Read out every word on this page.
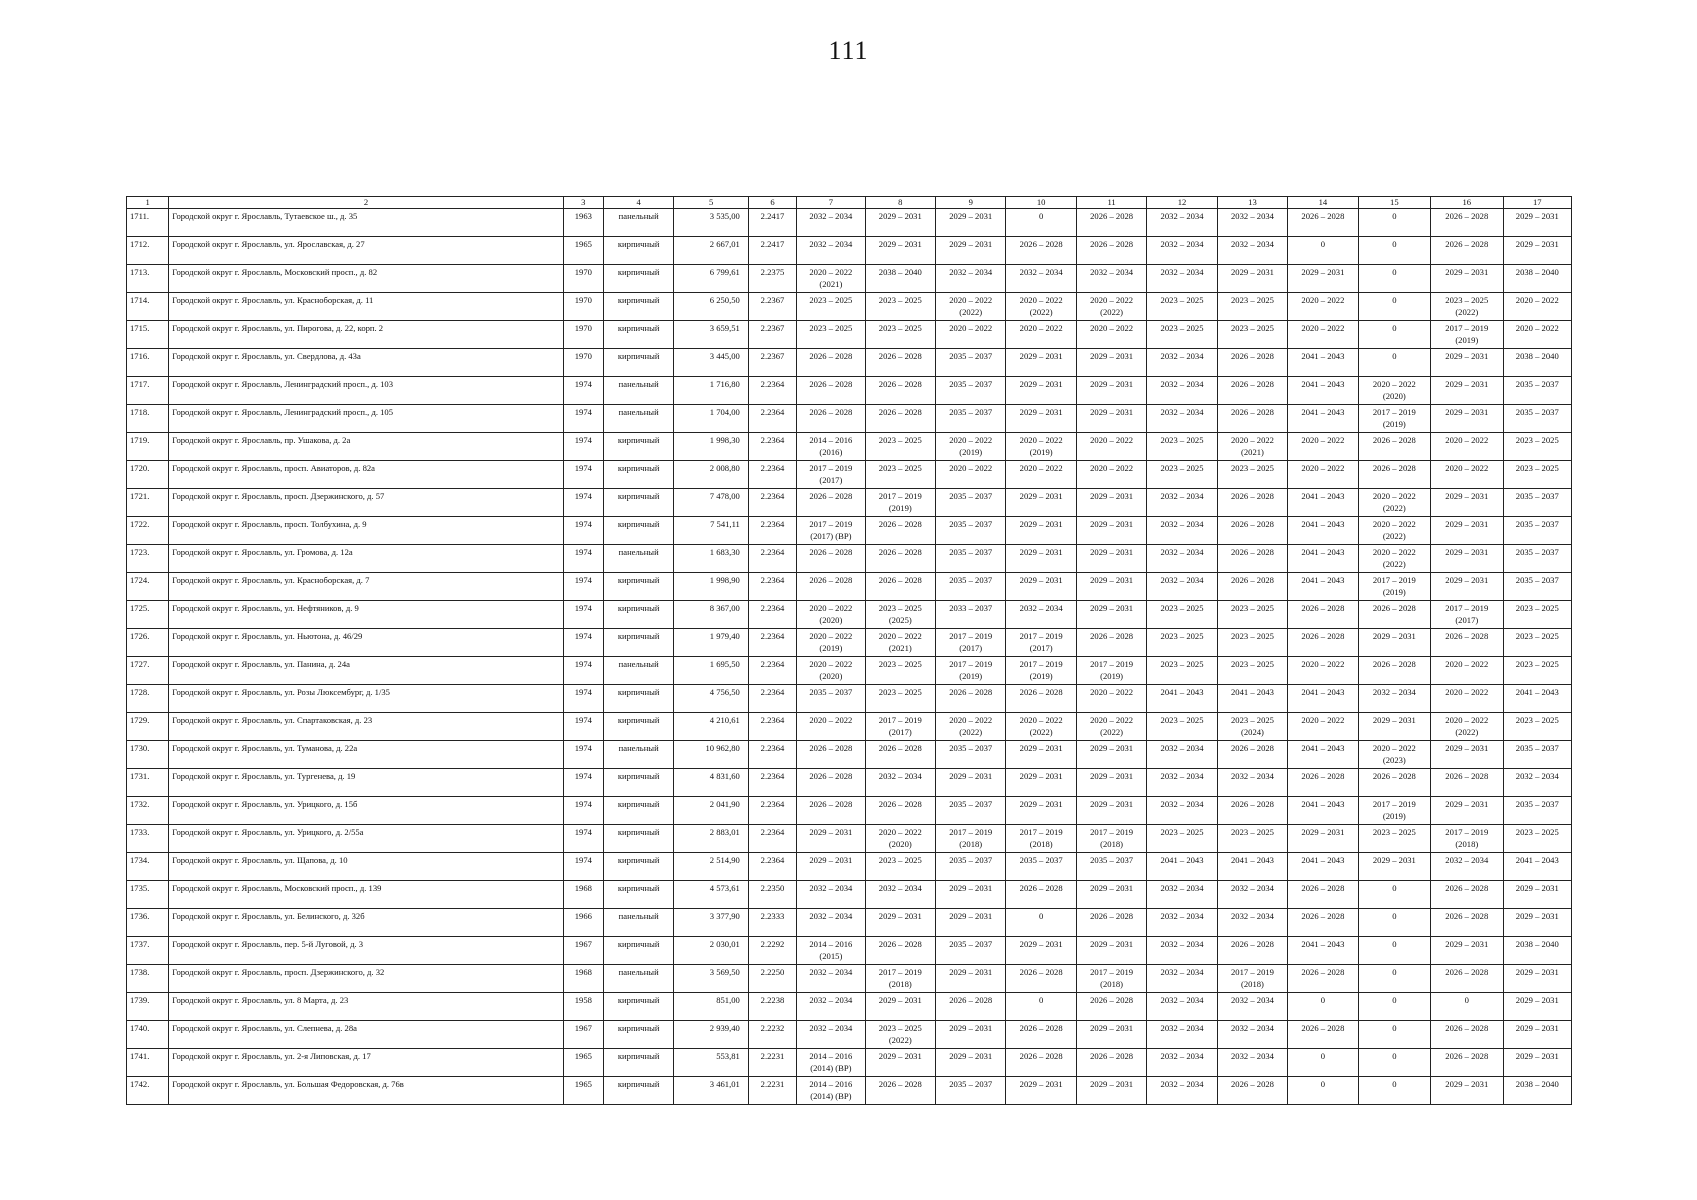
111
1	2	3	4	5	6	7	8	9	10	11	12	13	14	15	16	17
1711.	Городской округ г. Ярославль, Тутаевское ш., д. 35	1963	панельный	3 535,00	2.2417	2032 – 2034	2029 – 2031	2029 – 2031	0	2026 – 2028	2032 – 2034	2032 – 2034	2026 – 2028	0	2026 – 2028	2029 – 2031
1712.	Городской округ г. Ярославль, ул. Ярославская, д. 27	1965	кирпичный	2 667,01	2.2417	2032 – 2034	2029 – 2031	2029 – 2031	2026 – 2028	2026 – 2028	2032 – 2034	2032 – 2034	0	0	2026 – 2028	2029 – 2031
1713.	Городской округ г. Ярославль, Московский просп., д. 82	1970	кирпичный	6 799,61	2.2375	2020 – 2022 (2021)	2038 – 2040	2032 – 2034	2032 – 2034	2032 – 2034	2032 – 2034	2029 – 2031	2029 – 2031	0	2029 – 2031	2038 – 2040
1714.	Городской округ г. Ярославль, ул. Красноборская, д. 11	1970	кирпичный	6 250,50	2.2367	2023 – 2025	2023 – 2025	2020 – 2022 (2022)	2020 – 2022 (2022)	2020 – 2022 (2022)	2023 – 2025	2023 – 2025	2020 – 2022	0	2023 – 2025 (2022)	2020 – 2022
1715.	Городской округ г. Ярославль, ул. Пирогова, д. 22, корп. 2	1970	кирпичный	3 659,51	2.2367	2023 – 2025	2023 – 2025	2020 – 2022	2020 – 2022	2020 – 2022	2023 – 2025	2023 – 2025	2020 – 2022	0	2017 – 2019 (2019)	2020 – 2022
1716.	Городской округ г. Ярославль, ул. Свердлова, д. 43а	1970	кирпичный	3 445,00	2.2367	2026 – 2028	2026 – 2028	2035 – 2037	2029 – 2031	2029 – 2031	2032 – 2034	2026 – 2028	2041 – 2043	0	2029 – 2031	2038 – 2040
1717.	Городской округ г. Ярославль, Ленинградский просп., д. 103	1974	панельный	1 716,80	2.2364	2026 – 2028	2026 – 2028	2035 – 2037	2029 – 2031	2029 – 2031	2032 – 2034	2026 – 2028	2041 – 2043	2020 – 2022 (2020)	2029 – 2031	2035 – 2037
1718.	Городской округ г. Ярославль, Ленинградский просп., д. 105	1974	панельный	1 704,00	2.2364	2026 – 2028	2026 – 2028	2035 – 2037	2029 – 2031	2029 – 2031	2032 – 2034	2026 – 2028	2041 – 2043	2017 – 2019 (2019)	2029 – 2031	2035 – 2037
1719.	Городской округ г. Ярославль, пр. Ушакова, д. 2а	1974	кирпичный	1 998,30	2.2364	2014 – 2016 (2016)	2023 – 2025	2020 – 2022 (2019)	2020 – 2022 (2019)	2020 – 2022	2023 – 2025	2020 – 2022 (2021)	2020 – 2022	2026 – 2028	2020 – 2022	2023 – 2025
1720.	Городской округ г. Ярославль, просп. Авиаторов, д. 82а	1974	кирпичный	2 008,80	2.2364	2017 – 2019 (2017)	2023 – 2025	2020 – 2022	2020 – 2022	2020 – 2022	2023 – 2025	2023 – 2025	2020 – 2022	2026 – 2028	2020 – 2022	2023 – 2025
1721.	Городской округ г. Ярославль, просп. Дзержинского, д. 57	1974	кирпичный	7 478,00	2.2364	2026 – 2028	2017 – 2019 (2019)	2035 – 2037	2029 – 2031	2029 – 2031	2032 – 2034	2026 – 2028	2041 – 2043	2020 – 2022 (2022)	2029 – 2031	2035 – 2037
1722.	Городской округ г. Ярославль, просп. Толбухина, д. 9	1974	кирпичный	7 541,11	2.2364	2017 – 2019 (2017) (ВР)	2026 – 2028	2035 – 2037	2029 – 2031	2029 – 2031	2032 – 2034	2026 – 2028	2041 – 2043	2020 – 2022 (2022)	2029 – 2031	2035 – 2037
1723.	Городской округ г. Ярославль, ул. Громова, д. 12а	1974	панельный	1 683,30	2.2364	2026 – 2028	2026 – 2028	2035 – 2037	2029 – 2031	2029 – 2031	2032 – 2034	2026 – 2028	2041 – 2043	2020 – 2022 (2022)	2029 – 2031	2035 – 2037
1724.	Городской округ г. Ярославль, ул. Красноборская, д. 7	1974	кирпичный	1 998,90	2.2364	2026 – 2028	2026 – 2028	2035 – 2037	2029 – 2031	2029 – 2031	2032 – 2034	2026 – 2028	2041 – 2043	2017 – 2019 (2019)	2029 – 2031	2035 – 2037
1725.	Городской округ г. Ярославль, ул. Нефтяников, д. 9	1974	кирпичный	8 367,00	2.2364	2020 – 2022 (2020)	2023 – 2025 (2025)	2033 – 2037	2032 – 2034	2029 – 2031	2023 – 2025	2023 – 2025	2026 – 2028	2026 – 2028	2017 – 2019 (2017)	2023 – 2025
1726.	Городской округ г. Ярославль, ул. Ньютона, д. 46/29	1974	кирпичный	1 979,40	2.2364	2020 – 2022 (2019)	2020 – 2022 (2021)	2017 – 2019 (2017)	2017 – 2019 (2017)	2026 – 2028	2023 – 2025	2023 – 2025	2026 – 2028	2029 – 2031	2026 – 2028	2023 – 2025
1727.	Городской округ г. Ярославль, ул. Панина, д. 24а	1974	панельный	1 695,50	2.2364	2020 – 2022 (2020)	2023 – 2025	2017 – 2019 (2019)	2017 – 2019 (2019)	2017 – 2019 (2019)	2023 – 2025	2023 – 2025	2020 – 2022	2026 – 2028	2020 – 2022	2023 – 2025
1728.	Городской округ г. Ярославль, ул. Розы Люксембург, д. 1/35	1974	кирпичный	4 756,50	2.2364	2035 – 2037	2023 – 2025	2026 – 2028	2026 – 2028	2020 – 2022	2041 – 2043	2041 – 2043	2041 – 2043	2032 – 2034	2020 – 2022	2041 – 2043
1729.	Городской округ г. Ярославль, ул. Спартаковская, д. 23	1974	кирпичный	4 210,61	2.2364	2020 – 2022	2017 – 2019 (2017)	2020 – 2022 (2022)	2020 – 2022 (2022)	2020 – 2022 (2022)	2023 – 2025	2023 – 2025 (2024)	2020 – 2022	2029 – 2031	2020 – 2022 (2022)	2023 – 2025
1730.	Городской округ г. Ярославль, ул. Туманова, д. 22а	1974	панельный	10 962,80	2.2364	2026 – 2028	2026 – 2028	2035 – 2037	2029 – 2031	2029 – 2031	2032 – 2034	2026 – 2028	2041 – 2043	2020 – 2022 (2023)	2029 – 2031	2035 – 2037
1731.	Городской округ г. Ярославль, ул. Тургенева, д. 19	1974	кирпичный	4 831,60	2.2364	2026 – 2028	2032 – 2034	2029 – 2031	2029 – 2031	2029 – 2031	2032 – 2034	2032 – 2034	2026 – 2028	2026 – 2028	2026 – 2028	2032 – 2034
1732.	Городской округ г. Ярославль, ул. Урицкого, д. 15б	1974	кирпичный	2 041,90	2.2364	2026 – 2028	2026 – 2028	2035 – 2037	2029 – 2031	2029 – 2031	2032 – 2034	2026 – 2028	2041 – 2043	2017 – 2019 (2019)	2029 – 2031	2035 – 2037
1733.	Городской округ г. Ярославль, ул. Урицкого, д. 2/55а	1974	кирпичный	2 883,01	2.2364	2029 – 2031	2020 – 2022 (2020)	2017 – 2019 (2018)	2017 – 2019 (2018)	2017 – 2019 (2018)	2023 – 2025	2023 – 2025	2029 – 2031	2023 – 2025	2017 – 2019 (2018)	2023 – 2025
1734.	Городской округ г. Ярославль, ул. Щапова, д. 10	1974	кирпичный	2 514,90	2.2364	2029 – 2031	2023 – 2025	2035 – 2037	2035 – 2037	2035 – 2037	2041 – 2043	2041 – 2043	2041 – 2043	2029 – 2031	2032 – 2034	2041 – 2043
1735.	Городской округ г. Ярославль, Московский просп., д. 139	1968	кирпичный	4 573,61	2.2350	2032 – 2034	2032 – 2034	2029 – 2031	2026 – 2028	2029 – 2031	2032 – 2034	2032 – 2034	2026 – 2028	0	2026 – 2028	2029 – 2031
1736.	Городской округ г. Ярославль, ул. Белинского, д. 32б	1966	панельный	3 377,90	2.2333	2032 – 2034	2029 – 2031	2029 – 2031	0	2026 – 2028	2032 – 2034	2032 – 2034	2026 – 2028	0	2026 – 2028	2029 – 2031
1737.	Городской округ г. Ярославль, пер. 5-й Луговой, д. 3	1967	кирпичный	2 030,01	2.2292	2014 – 2016 (2015)	2026 – 2028	2035 – 2037	2029 – 2031	2029 – 2031	2032 – 2034	2026 – 2028	2041 – 2043	0	2029 – 2031	2038 – 2040
1738.	Городской округ г. Ярославль, просп. Дзержинского, д. 32	1968	панельный	3 569,50	2.2250	2032 – 2034	2017 – 2019 (2018)	2029 – 2031	2026 – 2028	2017 – 2019 (2018)	2032 – 2034	2017 – 2019 (2018)	2026 – 2028	0	2026 – 2028	2029 – 2031
1739.	Городской округ г. Ярославль, ул. 8 Марта, д. 23	1958	кирпичный	851,00	2.2238	2032 – 2034	2029 – 2031	2026 – 2028	0	2026 – 2028	2032 – 2034	2032 – 2034	0	0	0	2029 – 2031
1740.	Городской округ г. Ярославль, ул. Слепнева, д. 28а	1967	кирпичный	2 939,40	2.2232	2032 – 2034	2023 – 2025 (2022)	2029 – 2031	2026 – 2028	2029 – 2031	2032 – 2034	2032 – 2034	2026 – 2028	0	2026 – 2028	2029 – 2031
1741.	Городской округ г. Ярославль, ул. 2-я Липовская, д. 17	1965	кирпичный	553,81	2.2231	2014 – 2016 (2014) (ВР)	2029 – 2031	2029 – 2031	2026 – 2028	2026 – 2028	2032 – 2034	2032 – 2034	0	0	2026 – 2028	2029 – 2031
1742.	Городской округ г. Ярославль, ул. Большая Федоровская, д. 76в	1965	кирпичный	3 461,01	2.2231	2014 – 2016 (2014) (ВР)	2026 – 2028	2035 – 2037	2029 – 2031	2029 – 2031	2032 – 2034	2026 – 2028	0	0	2029 – 2031	2038 – 2040
